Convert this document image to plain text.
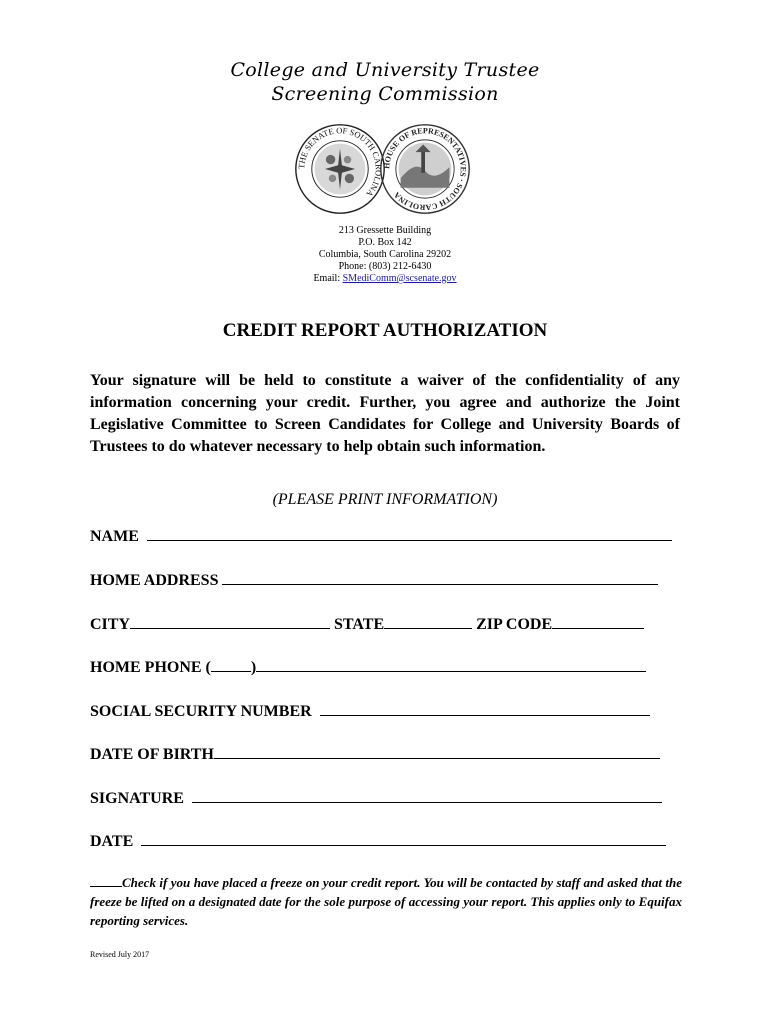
College and University Trustee
Screening Commission
THE SENATE OF SOUTH CAROLINA
HOUSE OF REPRESENTATIVES · SOUTH CAROLINA
213 Gressette Building
P.O. Box 142
Columbia, South Carolina 29202
Phone: (803) 212-6430
Email: SMediComm@scsenate.gov
CREDIT REPORT AUTHORIZATION
Your signature will be held to constitute a waiver of the confidentiality of any information concerning your credit. Further, you agree and authorize the Joint Legislative Committee to Screen Candidates for College and University Boards of Trustees to do whatever necessary to help obtain such information.
(PLEASE PRINT INFORMATION)
NAME
HOME ADDRESS
CITY	STATE	ZIP CODE
HOME PHONE (	)
SOCIAL SECURITY NUMBER
DATE OF BIRTH
SIGNATURE
DATE
Check if you have placed a freeze on your credit report. You will be contacted by staff and asked that the freeze be lifted on a designated date for the sole purpose of accessing your report. This applies only to Equifax reporting services.
Revised July 2017
